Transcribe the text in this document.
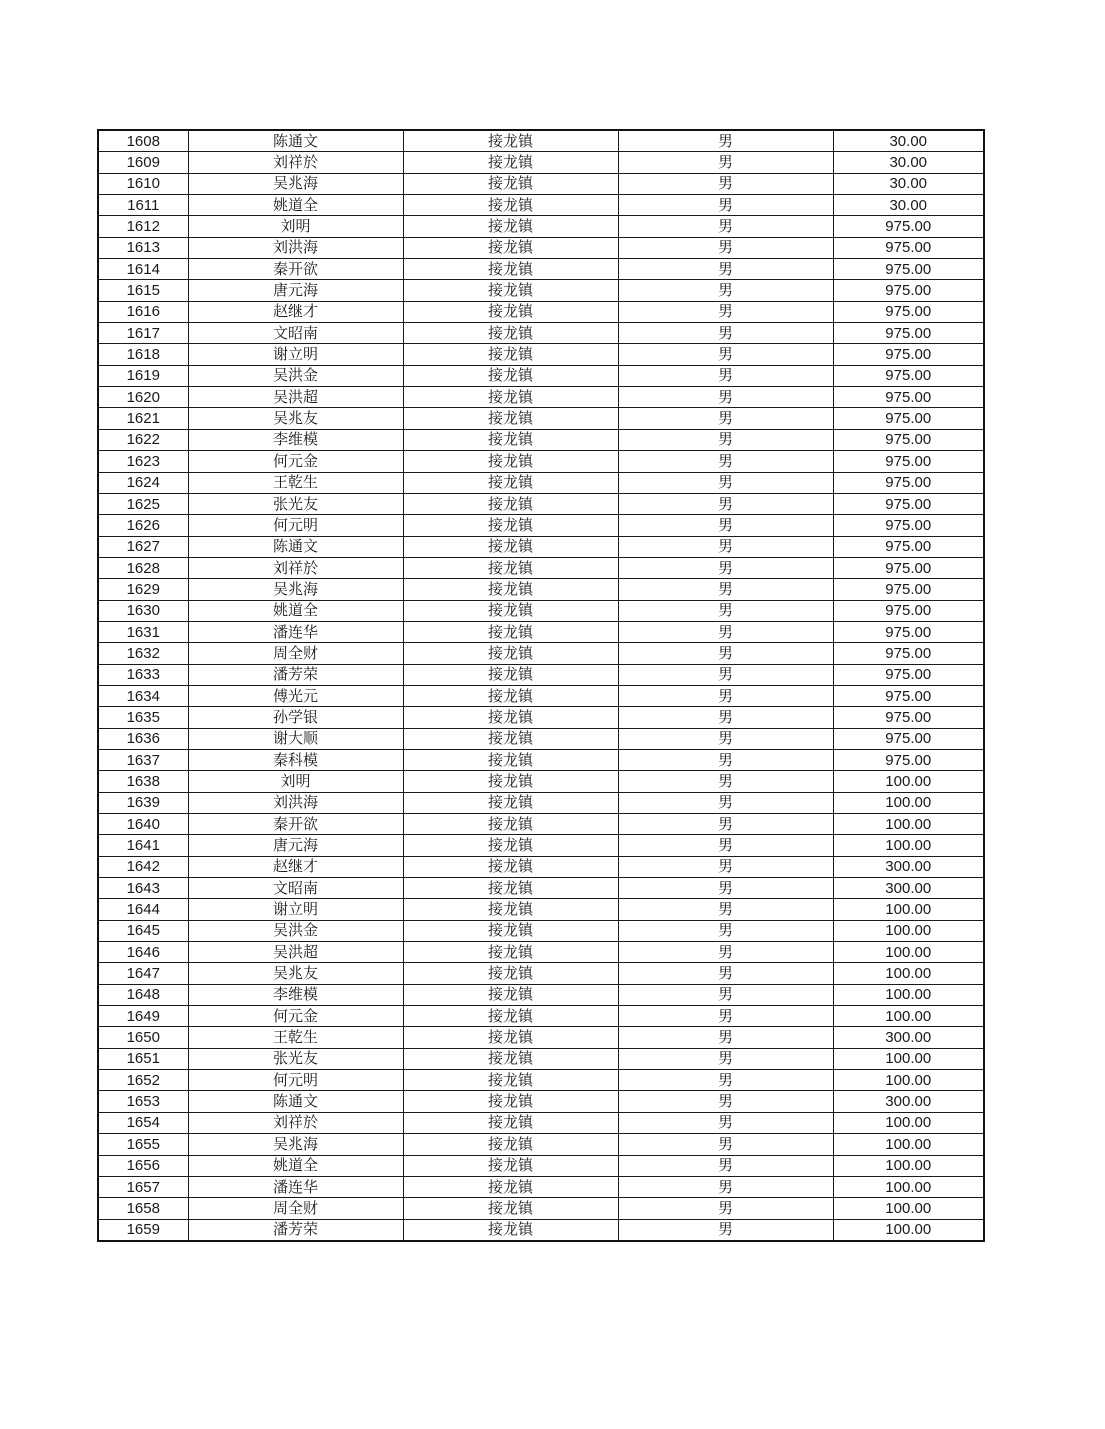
1608	陈通文	接龙镇	男	30.00
1609	刘祥於	接龙镇	男	30.00
1610	吴兆海	接龙镇	男	30.00
1611	姚道全	接龙镇	男	30.00
1612	刘明	接龙镇	男	975.00
1613	刘洪海	接龙镇	男	975.00
1614	秦开欲	接龙镇	男	975.00
1615	唐元海	接龙镇	男	975.00
1616	赵继才	接龙镇	男	975.00
1617	文昭南	接龙镇	男	975.00
1618	谢立明	接龙镇	男	975.00
1619	吴洪金	接龙镇	男	975.00
1620	吴洪超	接龙镇	男	975.00
1621	吴兆友	接龙镇	男	975.00
1622	李维模	接龙镇	男	975.00
1623	何元金	接龙镇	男	975.00
1624	王乾生	接龙镇	男	975.00
1625	张光友	接龙镇	男	975.00
1626	何元明	接龙镇	男	975.00
1627	陈通文	接龙镇	男	975.00
1628	刘祥於	接龙镇	男	975.00
1629	吴兆海	接龙镇	男	975.00
1630	姚道全	接龙镇	男	975.00
1631	潘连华	接龙镇	男	975.00
1632	周全财	接龙镇	男	975.00
1633	潘芳荣	接龙镇	男	975.00
1634	傅光元	接龙镇	男	975.00
1635	孙学银	接龙镇	男	975.00
1636	谢大顺	接龙镇	男	975.00
1637	秦科模	接龙镇	男	975.00
1638	刘明	接龙镇	男	100.00
1639	刘洪海	接龙镇	男	100.00
1640	秦开欲	接龙镇	男	100.00
1641	唐元海	接龙镇	男	100.00
1642	赵继才	接龙镇	男	300.00
1643	文昭南	接龙镇	男	300.00
1644	谢立明	接龙镇	男	100.00
1645	吴洪金	接龙镇	男	100.00
1646	吴洪超	接龙镇	男	100.00
1647	吴兆友	接龙镇	男	100.00
1648	李维模	接龙镇	男	100.00
1649	何元金	接龙镇	男	100.00
1650	王乾生	接龙镇	男	300.00
1651	张光友	接龙镇	男	100.00
1652	何元明	接龙镇	男	100.00
1653	陈通文	接龙镇	男	300.00
1654	刘祥於	接龙镇	男	100.00
1655	吴兆海	接龙镇	男	100.00
1656	姚道全	接龙镇	男	100.00
1657	潘连华	接龙镇	男	100.00
1658	周全财	接龙镇	男	100.00
1659	潘芳荣	接龙镇	男	100.00
